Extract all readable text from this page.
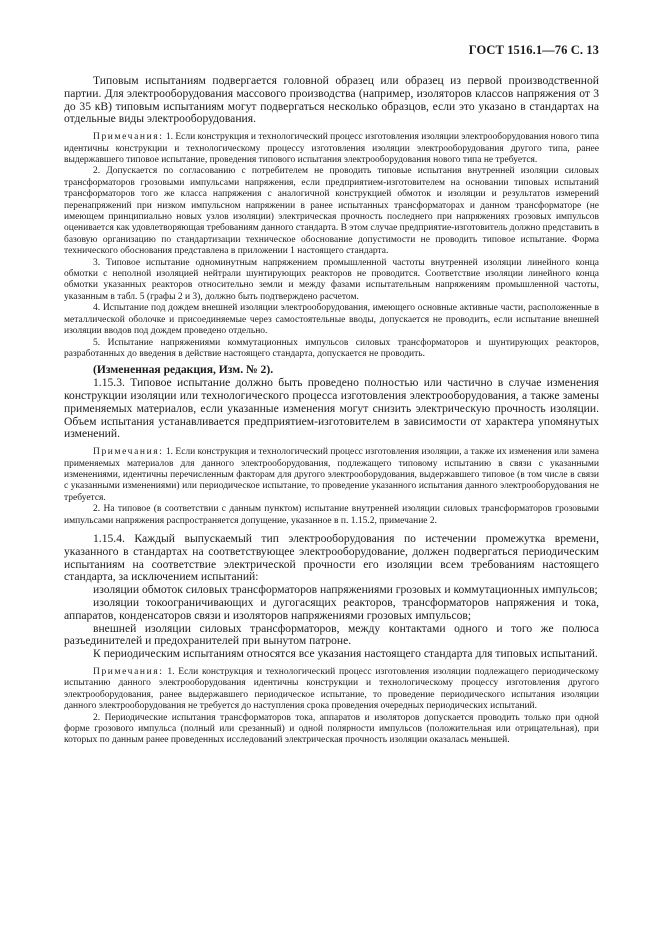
ГОСТ 1516.1—76 С. 13

Типовым испытаниям подвергается головной образец или образец из первой производственной партии. Для электрооборудования массового производства (например, изоляторов классов напряжения от 3 до 35 кВ) типовым испытаниям могут подвергаться несколько образцов, если это указано в стандартах на отдельные виды электрооборудования.

Примечания: 1. Если конструкция и технологический процесс изготовления изоляции электрооборудования нового типа идентичны конструкции и технологическому процессу изготовления изоляции электрооборудования другого типа, ранее выдержавшего типовое испытание, проведения типового испытания электрооборудования нового типа не требуется.

2. Допускается по согласованию с потребителем не проводить типовые испытания внутренней изоляции силовых трансформаторов грозовыми импульсами напряжения, если предприятием-изготовителем на основании типовых испытаний трансформаторов того же класса напряжения с аналогичной конструкцией обмоток и изоляции и результатов измерений перенапряжений при низком импульсном напряжении в ранее испытанных трансформаторах и данном трансформаторе (не имеющем принципиально новых узлов изоляции) электрическая прочность последнего при напряжениях грозовых импульсов оценивается как удовлетворяющая требованиям данного стандарта. В этом случае предприятие-изготовитель должно представить в базовую организацию по стандартизации техническое обоснование допустимости не проводить типовое испытание. Форма технического обоснования представлена в приложении 1 настоящего стандарта.

3. Типовое испытание одноминутным напряжением промышленной частоты внутренней изоляции линейного конца обмотки с неполной изоляцией нейтрали шунтирующих реакторов не проводится. Соответствие изоляции линейного конца обмотки указанных реакторов относительно земли и между фазами испытательным напряжениям промышленной частоты, указанным в табл. 5 (графы 2 и 3), должно быть подтверждено расчетом.

4. Испытание под дождем внешней изоляции электрооборудования, имеющего основные активные части, расположенные в металлической оболочке и присоединяемые через самостоятельные вводы, допускается не проводить, если испытание внешней изоляции вводов под дождем проведено отдельно.

5. Испытание напряжениями коммутационных импульсов силовых трансформаторов и шунтирующих реакторов, разработанных до введения в действие настоящего стандарта, допускается не проводить.

(Измененная редакция, Изм. № 2).

1.15.3. Типовое испытание должно быть проведено полностью или частично в случае изменения конструкции изоляции или технологического процесса изготовления электрооборудования, а также замены применяемых материалов, если указанные изменения могут снизить электрическую прочность изоляции. Объем испытания устанавливается предприятием-изготовителем в зависимости от характера упомянутых изменений.

Примечания: 1. Если конструкция и технологический процесс изготовления изоляции, а также их изменения или замена применяемых материалов для данного электрооборудования, подлежащего типовому испытанию в связи с указанными изменениями, идентичны перечисленным факторам для другого электрооборудования, выдержавшего типовое (в том числе в связи с указанными изменениями) или периодическое испытание, то проведение указанного испытания данного электрооборудования не требуется.

2. На типовое (в соответствии с данным пунктом) испытание внутренней изоляции силовых трансформаторов грозовыми импульсами напряжения распространяется допущение, указанное в п. 1.15.2, примечание 2.

1.15.4. Каждый выпускаемый тип электрооборудования по истечении промежутка времени, указанного в стандартах на соответствующее электрооборудование, должен подвергаться периодическим испытаниям на соответствие электрической прочности его изоляции всем требованиям настоящего стандарта, за исключением испытаний:

изоляции обмоток силовых трансформаторов напряжениями грозовых и коммутационных импульсов;

изоляции токоограничивающих и дугогасящих реакторов, трансформаторов напряжения и тока, аппаратов, конденсаторов связи и изоляторов напряжениями грозовых импульсов;

внешней изоляции силовых трансформаторов, между контактами одного и того же полюса разъединителей и предохранителей при вынутом патроне.

К периодическим испытаниям относятся все указания настоящего стандарта для типовых испытаний.

Примечания: 1. Если конструкция и технологический процесс изготовления изоляции подлежащего периодическому испытанию данного электрооборудования идентичны конструкции и технологическому процессу изготовления другого электрооборудования, ранее выдержавшего периодическое испытание, то проведение периодического испытания изоляции данного электрооборудования не требуется до наступления срока проведения очередных периодических испытаний.

2. Периодические испытания трансформаторов тока, аппаратов и изоляторов допускается проводить только при одной форме грозового импульса (полный или срезанный) и одной полярности импульсов (положительная или отрицательная), при которых по данным ранее проведенных исследований электрическая прочность изоляции оказалась меньшей.
